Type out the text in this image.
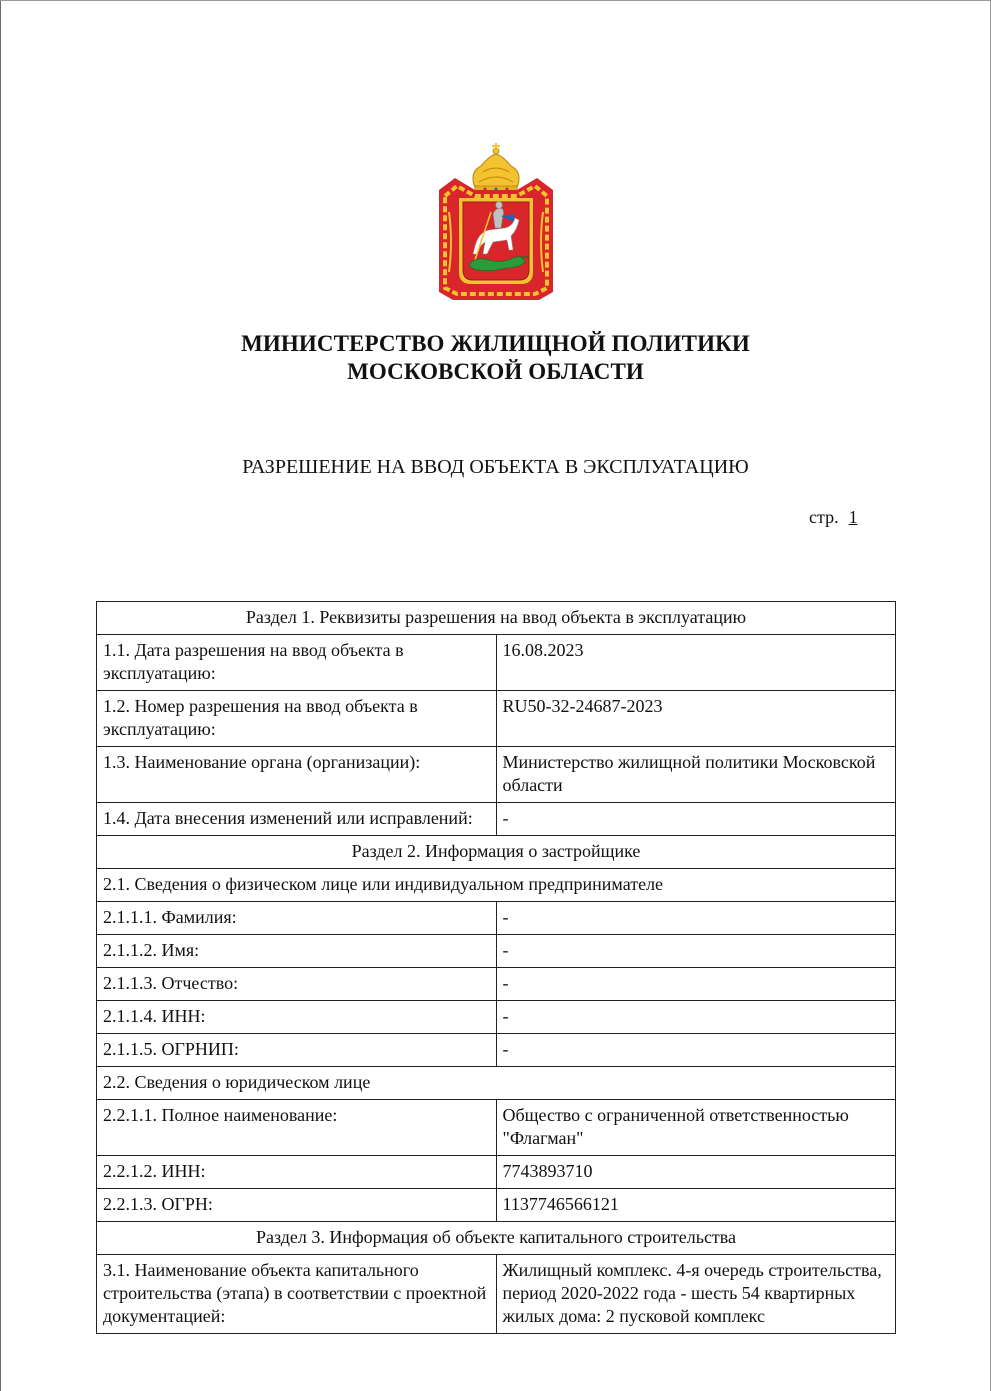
МИНИСТЕРСТВО ЖИЛИЩНОЙ ПОЛИТИКИ
МОСКОВСКОЙ ОБЛАСТИ
РАЗРЕШЕНИЕ НА ВВОД ОБЪЕКТА В ЭКСПЛУАТАЦИЮ
стр. 1
Раздел 1. Реквизиты разрешения на ввод объекта в эксплуатацию	
1.1. Дата разрешения на ввод объекта в эксплуатацию:	16.08.2023
1.2. Номер разрешения на ввод объекта в эксплуатацию:	RU50-32-24687-2023
1.3. Наименование органа (организации):	Министерство жилищной политики Московской области
1.4. Дата внесения изменений или исправлений:	-
Раздел 2. Информация о застройщике	
2.1. Сведения о физическом лице или индивидуальном предпринимателе	
2.1.1.1. Фамилия:	-
2.1.1.2. Имя:	-
2.1.1.3. Отчество:	-
2.1.1.4. ИНН:	-
2.1.1.5. ОГРНИП:	-
2.2. Сведения о юридическом лице	
2.2.1.1. Полное наименование:	Общество с ограниченной ответственностью "Флагман"
2.2.1.2. ИНН:	7743893710
2.2.1.3. ОГРН:	1137746566121
Раздел 3. Информация об объекте капитального строительства	
3.1. Наименование объекта капитального строительства (этапа) в соответствии с проектной документацией:	Жилищный комплекс. 4-я очередь строительства, период 2020-2022 года - шесть 54 квартирных жилых дома: 2 пусковой комплекс
